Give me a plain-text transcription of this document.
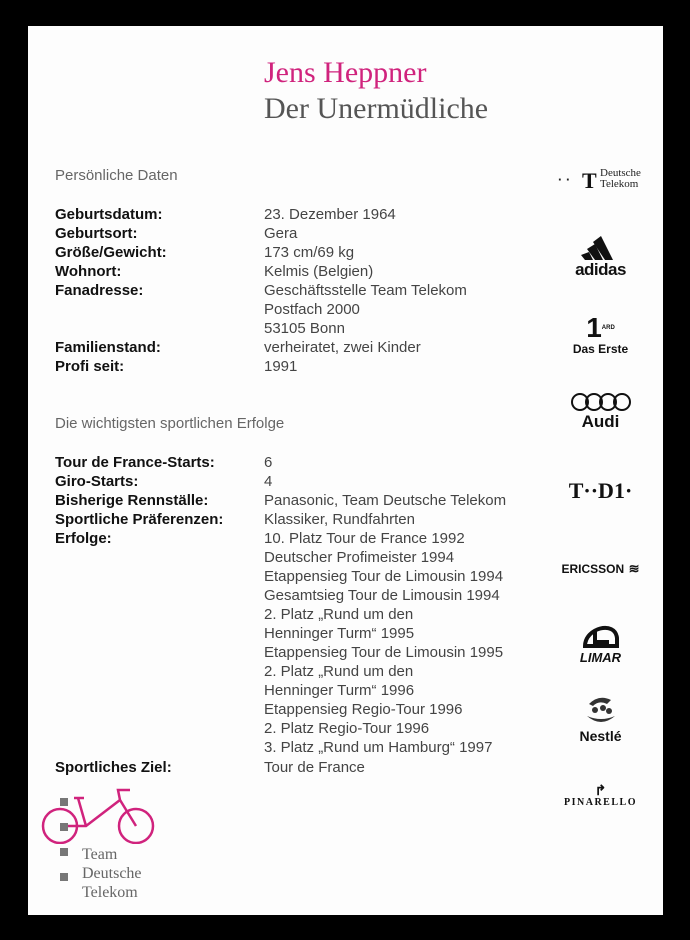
Jens Heppner
Der Unermüdliche
Persönliche Daten
Geburtsdatum:	23. Dezember 1964
Geburtsort:	Gera
Größe/Gewicht:	173 cm/69 kg
Wohnort:	Kelmis (Belgien)
Fanadresse:	Geschäftsstelle Team Telekom
Postfach 2000
53105 Bonn
Familienstand:	verheiratet, zwei Kinder
Profi seit:	1991
Die wichtigsten sportlichen Erfolge
Tour de France-Starts:	6
Giro-Starts:	4
Bisherige Rennställe:	Panasonic, Team Deutsche Telekom
Sportliche Präferenzen:	Klassiker, Rundfahrten
Erfolge:	10. Platz Tour de France 1992
Deutscher Profimeister 1994
Etappensieg Tour de Limousin 1994
Gesamtsieg Tour de Limousin 1994
2. Platz „Rund um den
Henninger Turm“ 1995
Etappensieg Tour de Limousin 1995
2. Platz „Rund um den
Henninger Turm“ 1996
Etappensieg Regio-Tour 1996
2. Platz Regio-Tour 1996
3. Platz „Rund um Hamburg“ 1997
Sportliches Ziel:	Tour de France
Team
Deutsche
Telekom
· · T Deutsche
Telekom
adidas
1ARD
Das Erste
Audi
T··D1·
ERICSSON ≋
LIMAR
Nestlé
↱
PINARELLO
